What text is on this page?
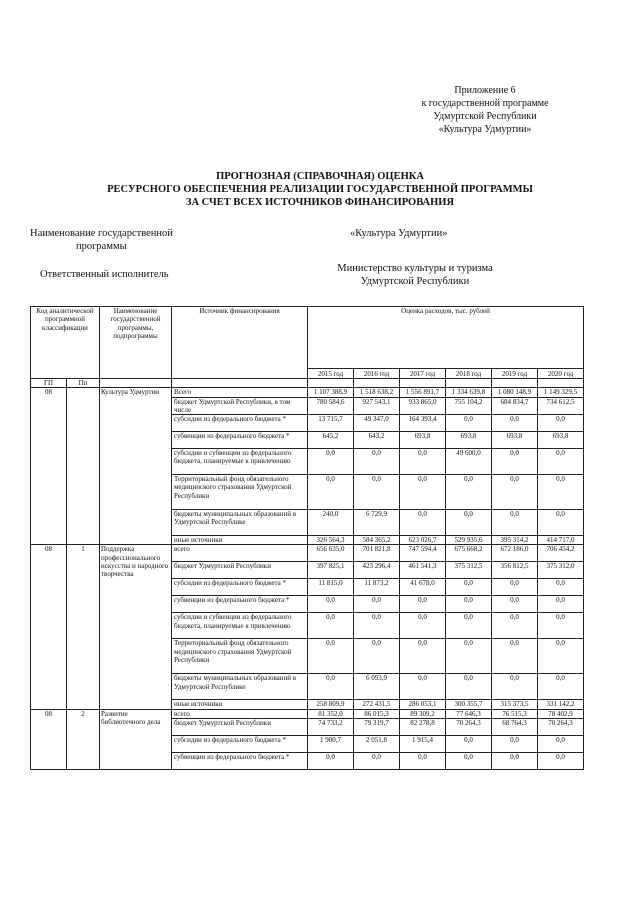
Приложение 6
к государственной программе
Удмуртской Республики
«Культура Удмуртии»
ПРОГНОЗНАЯ (СПРАВОЧНАЯ) ОЦЕНКА
РЕСУРСНОГО ОБЕСПЕЧЕНИЯ РЕАЛИЗАЦИИ ГОСУДАРСТВЕННОЙ ПРОГРАММЫ
ЗА СЧЕТ ВСЕХ ИСТОЧНИКОВ ФИНАНСИРОВАНИЯ
Наименование государственной
программы
«Культура Удмуртии»
Ответственный исполнитель
Министерство культуры и туризма
Удмуртской Республики
Код аналитической программной классификации		Наименование государственной программы, подпрограммы	Источник финансирования	Оценка расходов, тыс. рублей					
				2015 год	2016 год	2017 год	2018 год	2019 год	2020 год
ГП	Пп								
08		Культура Удмуртии	Всего	1 107 388,9	1 518 638,2	1 556 891,7	1 334 639,8	1 080 148,9	1 149 329,5
			бюджет Удмуртской Республики, в том числе	780 584,6	927 543,1	933 865,0	755 104,2	684 834,7	734 612,5
			субсидии из федерального бюджета *	13 715,7	49 347,0	164 393,4	0,0	0,0	0,0
			субвенции из федерального бюджета *	645,2	643,2	693,8	693,8	693,8	693,8
			субсидии и субвенции из федерального бюджета, планируемые к привлечению	0,0	0,0	0,0	49 600,0	0,0	0,0
			Территориальный фонд обязательного медицинского страхования Удмуртской Республики	0,0	0,0	0,0	0,0	0,0	0,0
			бюджеты муниципальных образований в Удмуртской Республике	240,0	6 729,9	0,0	0,0	0,0	0,0
			иные источники	326 564,3	584 365,2	623 026,7	529 935,6	395 314,2	414 717,0
08	1	Поддержка профессионального искусства и народного творчества	всего	656 635,0	701 821,8	747 594,4	675 668,2	672 186,0	706 454,2
			бюджет Удмуртской Республики	397 825,1	423 296,4	461 541,3	375 312,5	356 812,5	375 312,0
			субсидии из федерального бюджета *	11 815,0	11 873,2	41 678,0	0,0	0,0	0,0
			субвенции из федерального бюджета *	0,0	0,0	0,0	0,0	0,0	0,0
			субсидии и субвенции из федерального бюджета, планируемые к привлечению	0,0	0,0	0,0	0,0	0,0	0,0
			Территориальный фонд обязательного медицинского страхования Удмуртской Республики	0,0	0,0	0,0	0,0	0,0	0,0
			бюджеты муниципальных образований в Удмуртской Республике	0,0	6 093,9	0,0	0,0	0,0	0,0
			иные источники	258 809,9	272 431,5	286 053,1	300 355,7	315 373,5	331 142,2
08	2	Развитие библиотечного дела	всего	81 352,0	86 015,3	89 309,2	77 646,3	76 515,3	78 402,9
			бюджет Удмуртской Республики	74 733,2	79 319,7	82 278,8	70 264,3	68 764,3	70 264,3
			субсидии из федерального бюджета *	1 900,7	2 051,8	1 915,4	0,0	0,0	0,0
			субвенции из федерального бюджета *	0,0	0,0	0,0	0,0	0,0	0,0
